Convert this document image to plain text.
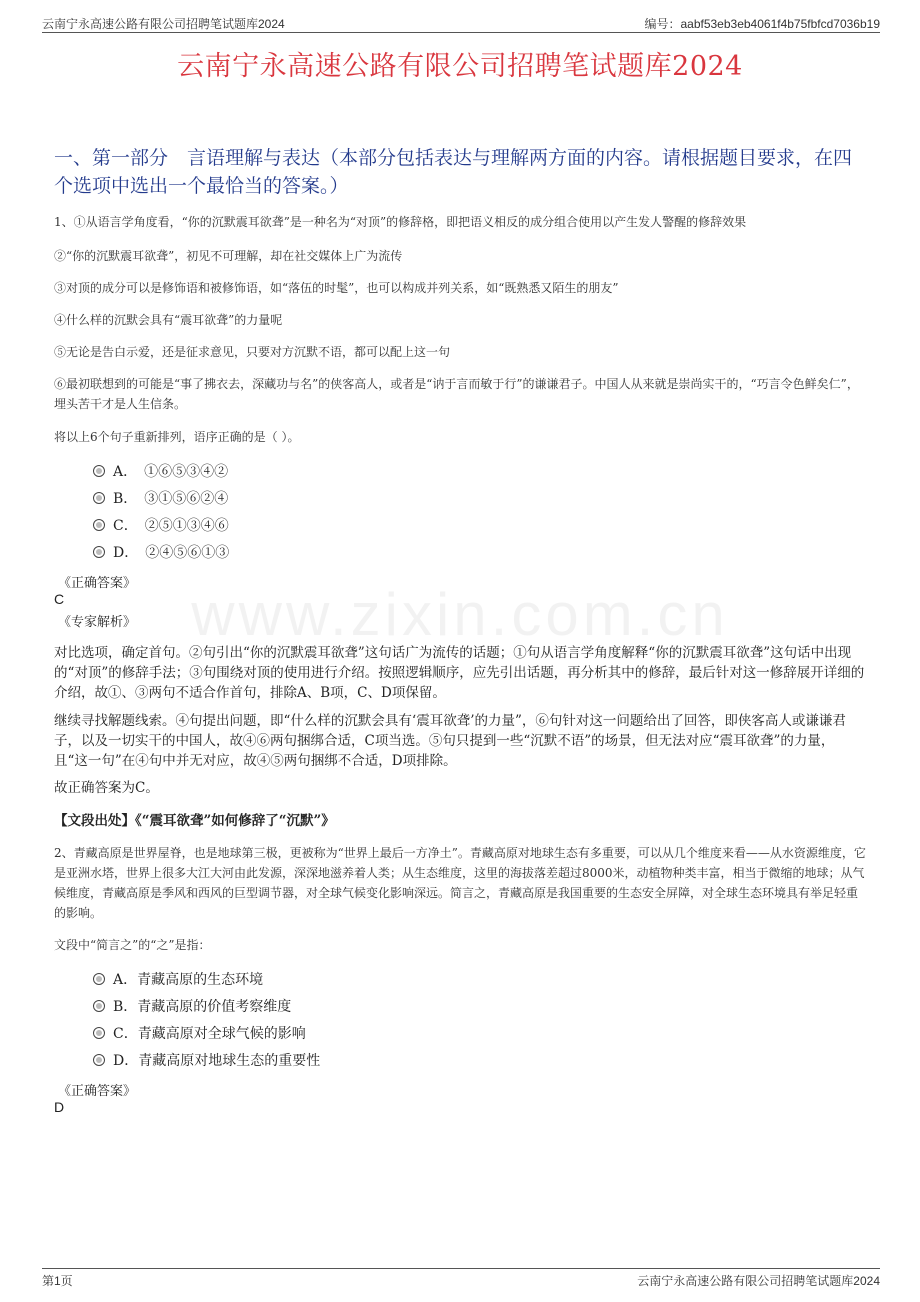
云南宁永高速公路有限公司招聘笔试题库2024	编号：aabf53eb3eb4061f4b75fbfcd7036b19
云南宁永高速公路有限公司招聘笔试题库2024
一、第一部分　言语理解与表达（本部分包括表达与理解两方面的内容。请根据题目要求，在四个选项中选出一个最恰当的答案。）
www.zixin.com.cn
1、①从语言学角度看，“你的沉默震耳欲聋”是一种名为“对顶”的修辞格，即把语义相反的成分组合使用以产生发人警醒的修辞效果
②“你的沉默震耳欲聋”，初见不可理解，却在社交媒体上广为流传
③对顶的成分可以是修饰语和被修饰语，如“落伍的时髦”，也可以构成并列关系，如“既熟悉又陌生的朋友”
④什么样的沉默会具有“震耳欲聋”的力量呢
⑤无论是告白示爱，还是征求意见，只要对方沉默不语，都可以配上这一句
⑥最初联想到的可能是“事了拂衣去，深藏功与名”的侠客高人，或者是“讷于言而敏于行”的谦谦君子。中国人从来就是崇尚实干的，“巧言令色鲜矣仁”，埋头苦干才是人生信条。
将以上6个句子重新排列，语序正确的是（ ）。
A．　①⑥⑤③④②
B．　③①⑤⑥②④
C．　②⑤①③④⑥
D．　②④⑤⑥①③
《正确答案》
C
《专家解析》
对比选项，确定首句。②句引出“你的沉默震耳欲聋”这句话广为流传的话题；①句从语言学角度解释“你的沉默震耳欲聋”这句话中出现的“对顶”的修辞手法；③句围绕对顶的使用进行介绍。按照逻辑顺序，应先引出话题，再分析其中的修辞，最后针对这一修辞展开详细的介绍，故①、③两句不适合作首句，排除A、B项，C、D项保留。
继续寻找解题线索。④句提出问题，即“什么样的沉默会具有‘震耳欲聋’的力量”，⑥句针对这一问题给出了回答，即侠客高人或谦谦君子，以及一切实干的中国人，故④⑥两句捆绑合适，C项当选。⑤句只提到一些“沉默不语”的场景，但无法对应“震耳欲聋”的力量，且“这一句”在④句中并无对应，故④⑤两句捆绑不合适，D项排除。
故正确答案为C。
【文段出处】《“震耳欲聋”如何修辞了“沉默”》
2、青藏高原是世界屋脊，也是地球第三极，更被称为“世界上最后一方净土”。青藏高原对地球生态有多重要，可以从几个维度来看——从水资源维度，它是亚洲水塔，世界上很多大江大河由此发源，深深地滋养着人类；从生态维度，这里的海拔落差超过8000米，动植物种类丰富，相当于微缩的地球；从气候维度，青藏高原是季风和西风的巨型调节器，对全球气候变化影响深远。简言之，青藏高原是我国重要的生态安全屏障，对全球生态环境具有举足轻重的影响。
文段中“简言之”的“之”是指：
A．青藏高原的生态环境
B．青藏高原的价值考察维度
C．青藏高原对全球气候的影响
D．青藏高原对地球生态的重要性
《正确答案》
D
第1页	云南宁永高速公路有限公司招聘笔试题库2024
